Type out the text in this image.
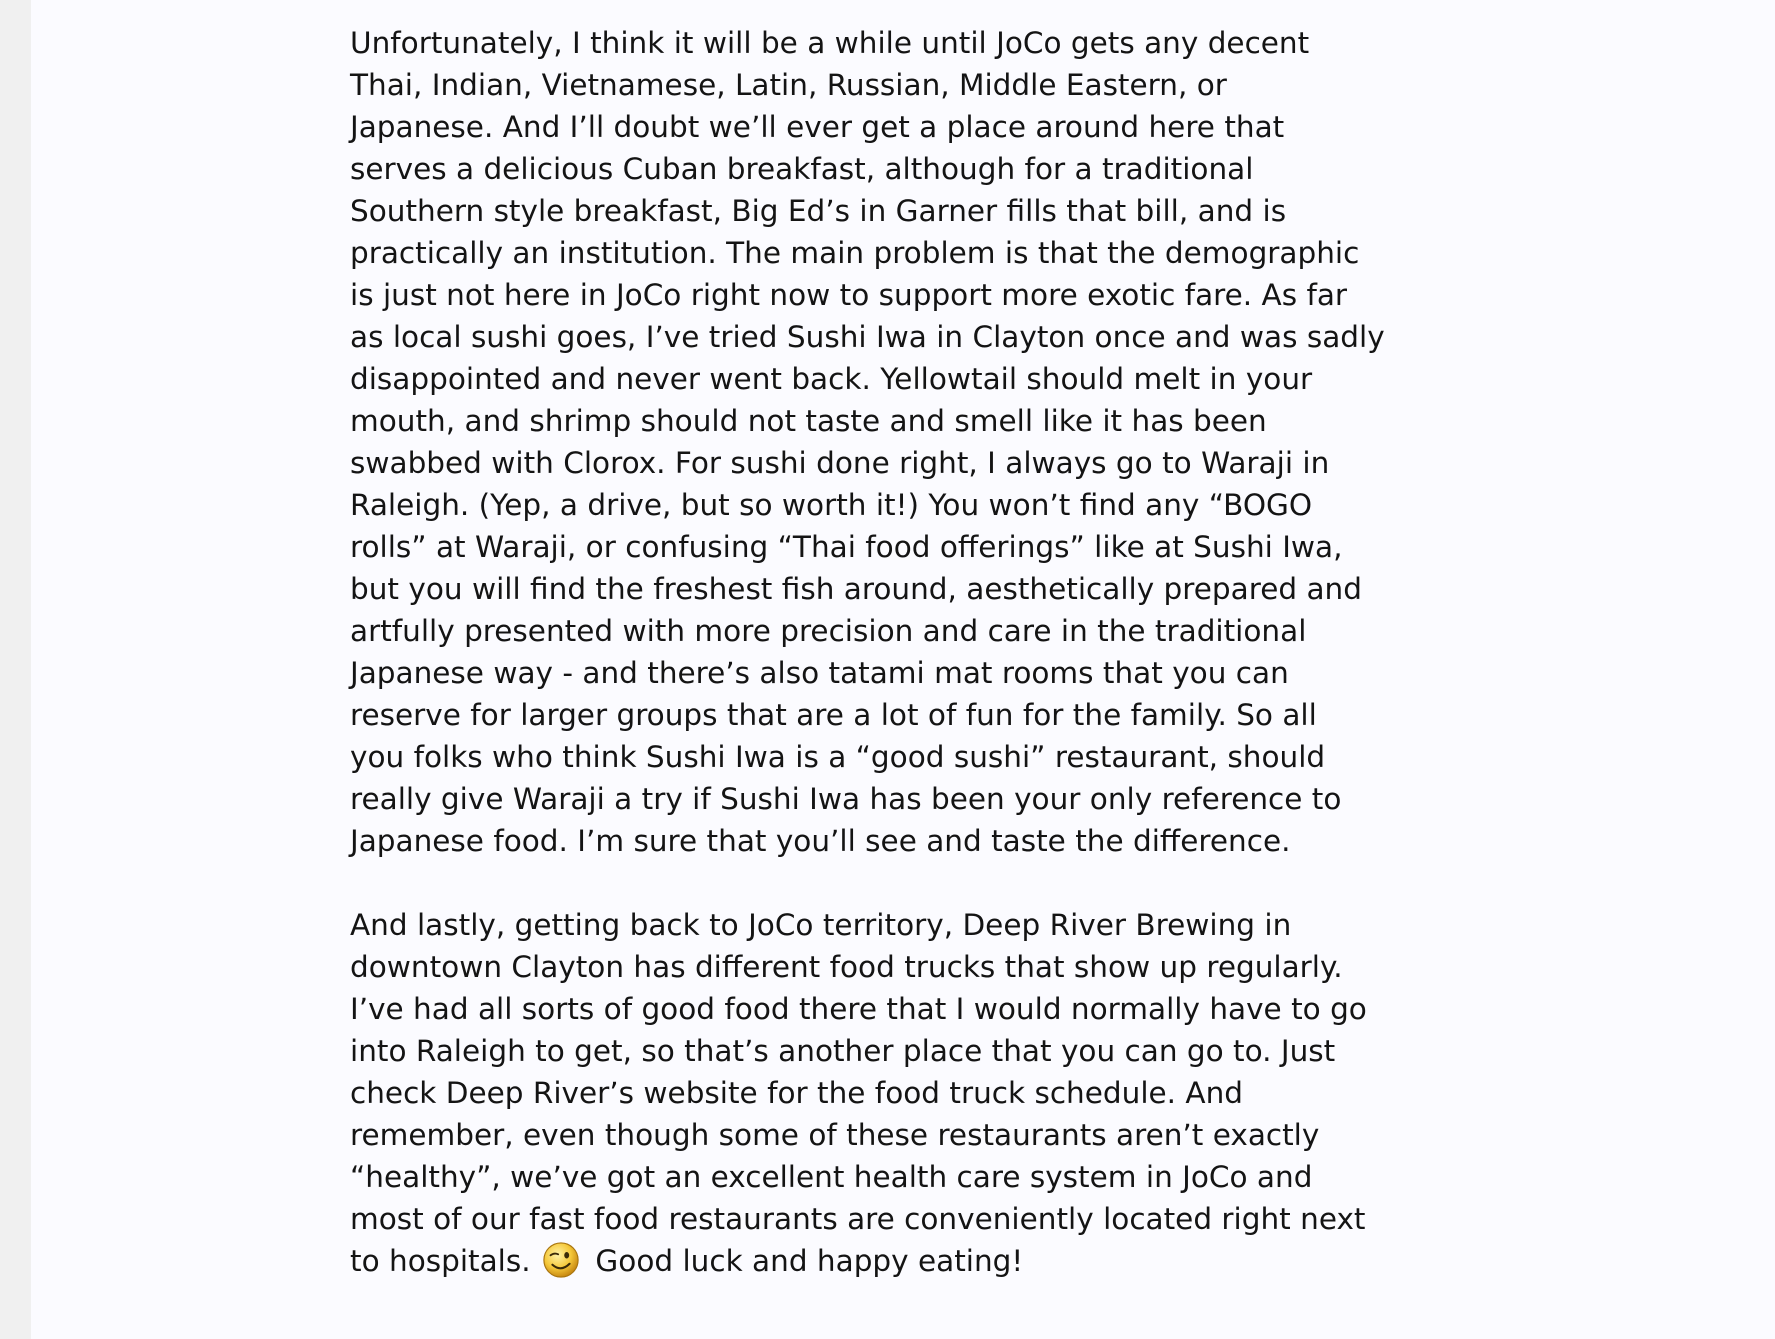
Unfortunately, I think it will be a while until JoCo gets any decent
Thai, Indian, Vietnamese, Latin, Russian, Middle Eastern, or
Japanese. And I’ll doubt we’ll ever get a place around here that
serves a delicious Cuban breakfast, although for a traditional
Southern style breakfast, Big Ed’s in Garner fills that bill, and is
practically an institution. The main problem is that the demographic
is just not here in JoCo right now to support more exotic fare. As far
as local sushi goes, I’ve tried Sushi Iwa in Clayton once and was sadly
disappointed and never went back. Yellowtail should melt in your
mouth, and shrimp should not taste and smell like it has been
swabbed with Clorox. For sushi done right, I always go to Waraji in
Raleigh. (Yep, a drive, but so worth it!) You won’t find any “BOGO
rolls” at Waraji, or confusing “Thai food offerings” like at Sushi Iwa,
but you will find the freshest fish around, aesthetically prepared and
artfully presented with more precision and care in the traditional
Japanese way - and there’s also tatami mat rooms that you can
reserve for larger groups that are a lot of fun for the family. So all
you folks who think Sushi Iwa is a “good sushi” restaurant, should
really give Waraji a try if Sushi Iwa has been your only reference to
Japanese food. I’m sure that you’ll see and taste the difference.
And lastly, getting back to JoCo territory, Deep River Brewing in
downtown Clayton has different food trucks that show up regularly.
I’ve had all sorts of good food there that I would normally have to go
into Raleigh to get, so that’s another place that you can go to. Just
check Deep River’s website for the food truck schedule. And
remember, even though some of these restaurants aren’t exactly
“healthy”, we’ve got an excellent health care system in JoCo and
most of our fast food restaurants are conveniently located right next
to hospitals. Good luck and happy eating!
